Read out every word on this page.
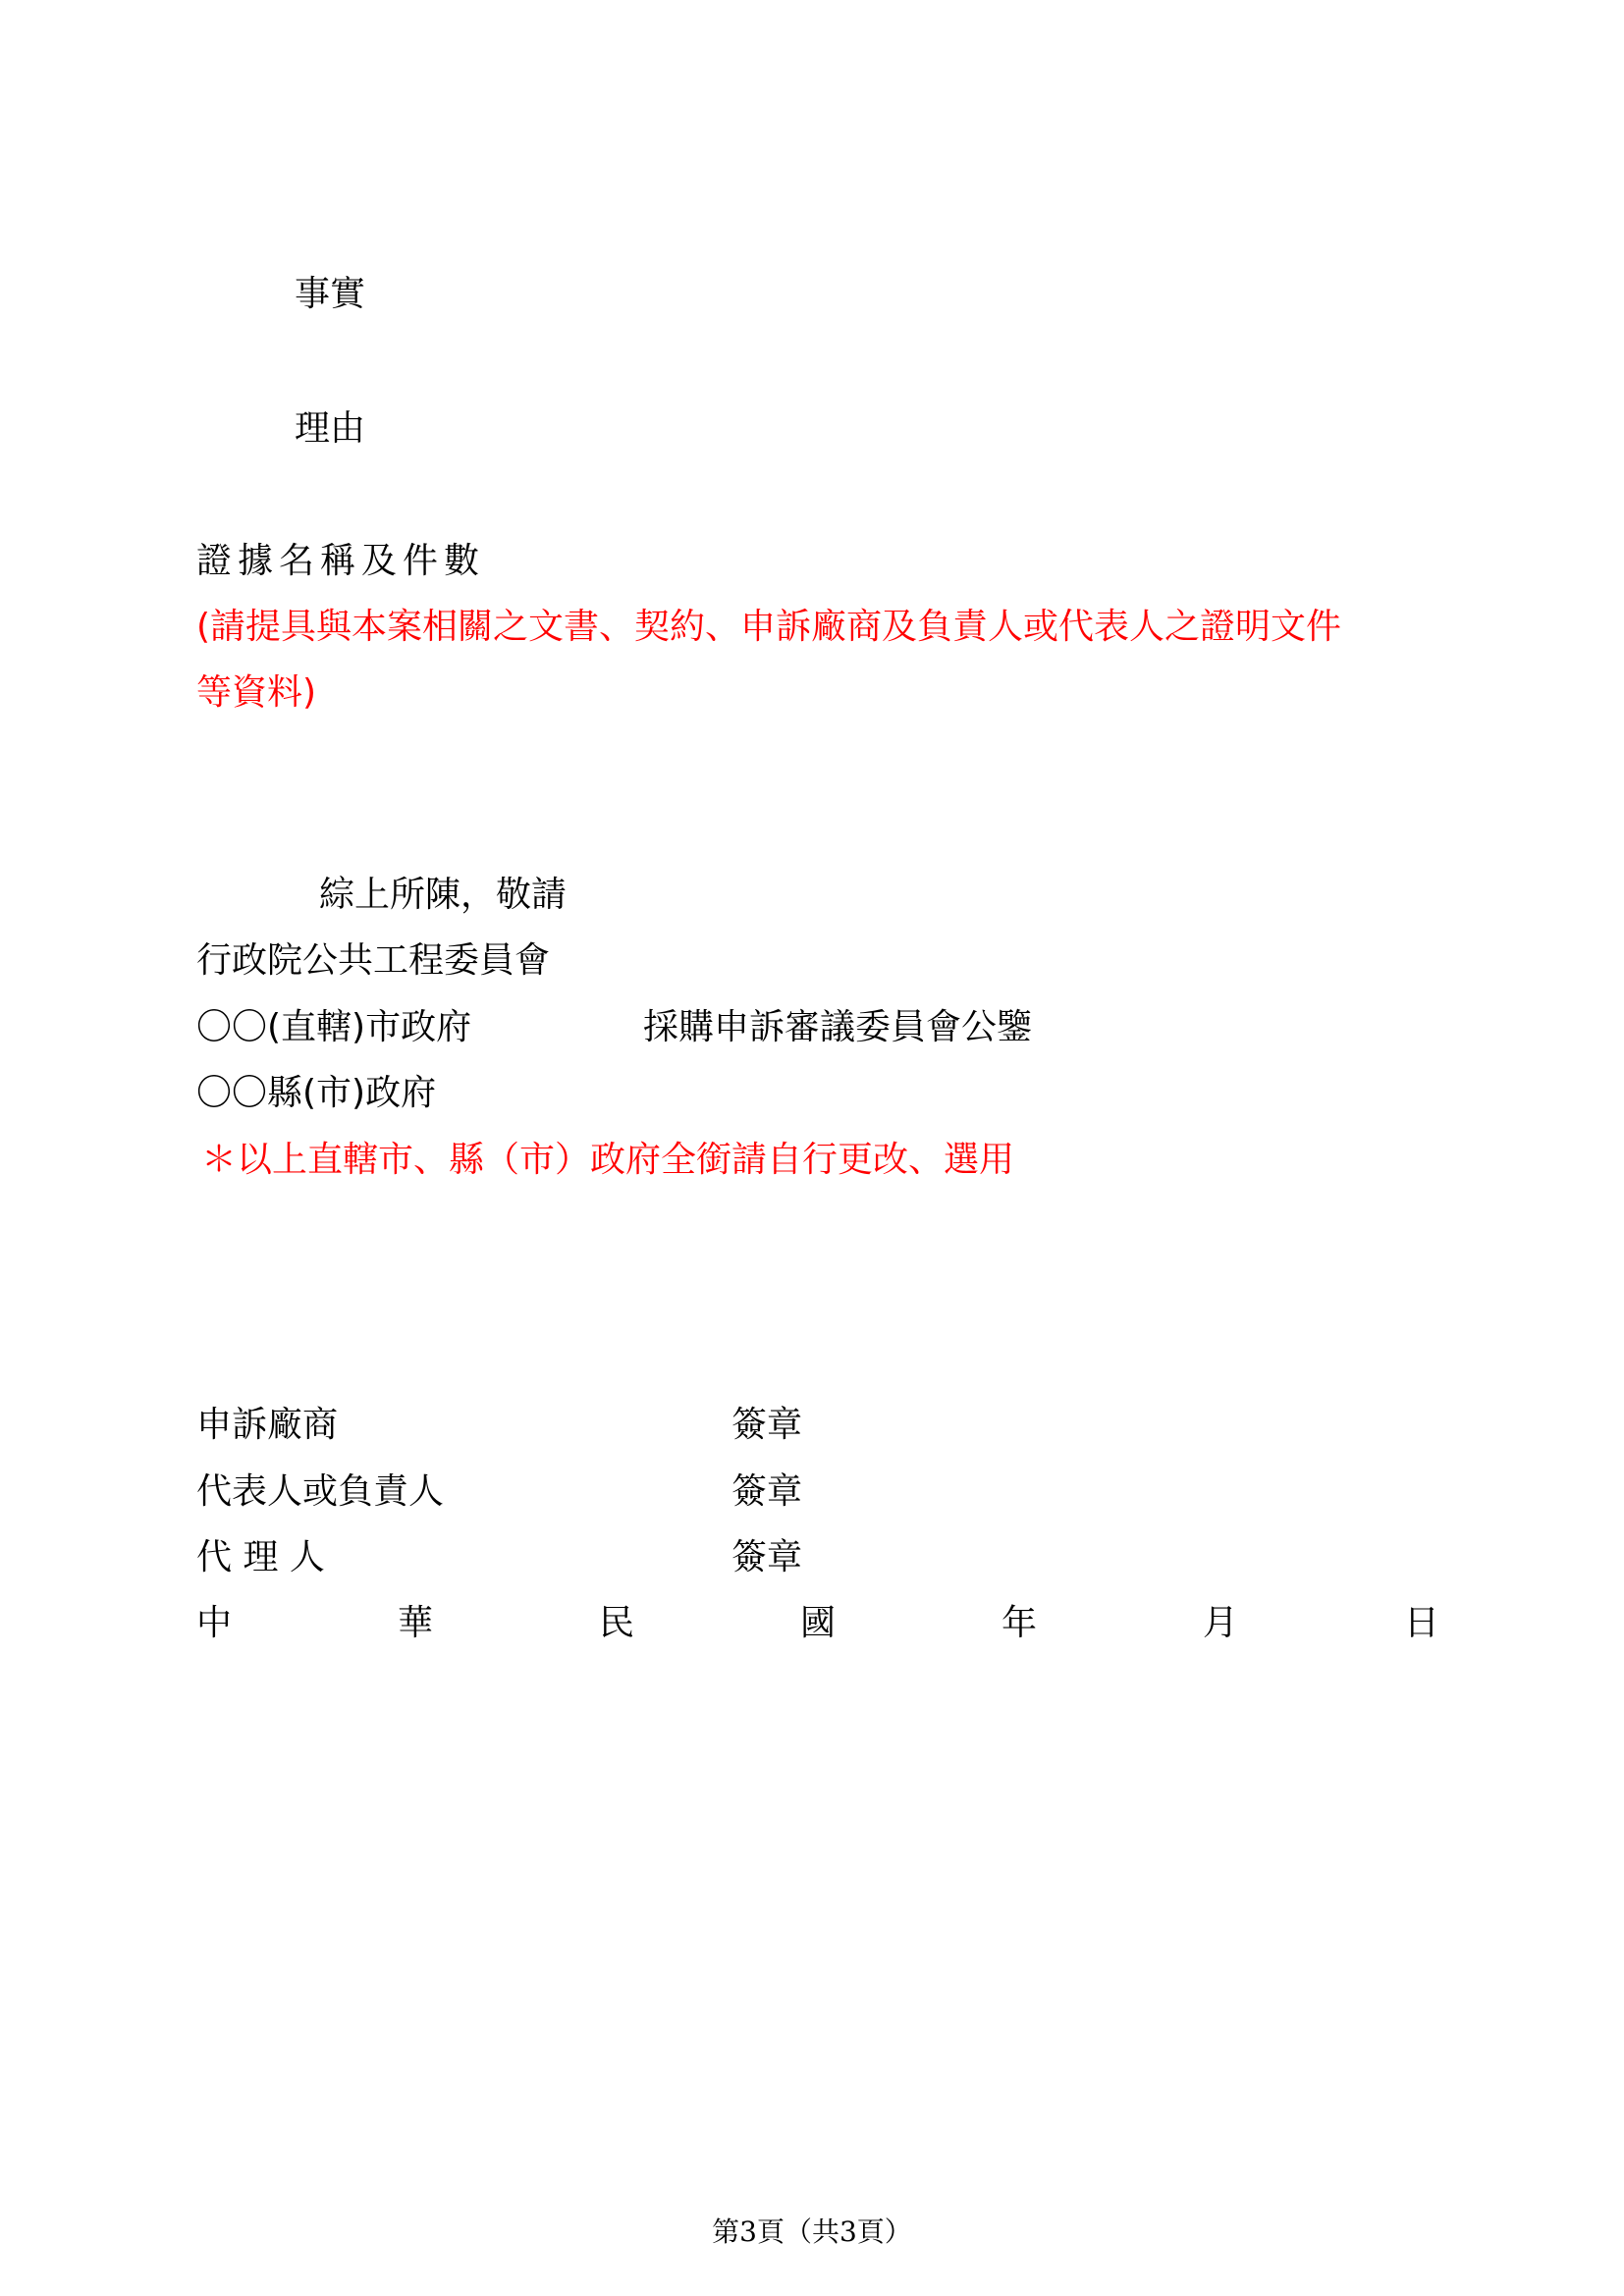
事實
理由
證據名稱及件數
(請提具與本案相關之文書、契約、申訴廠商及負責人或代表人之證明文件
等資料)
綜上所陳，敬請
行政院公共工程委員會
〇〇(直轄)市政府	採購申訴審議委員會公鑒
〇〇縣(市)政府
＊以上直轄市、縣（市）政府全銜請自行更改、選用
申訴廠商	簽章
代表人或負責人	簽章
代 理 人	簽章
中	華	民	國	年	月	日
第3頁（共3頁）
